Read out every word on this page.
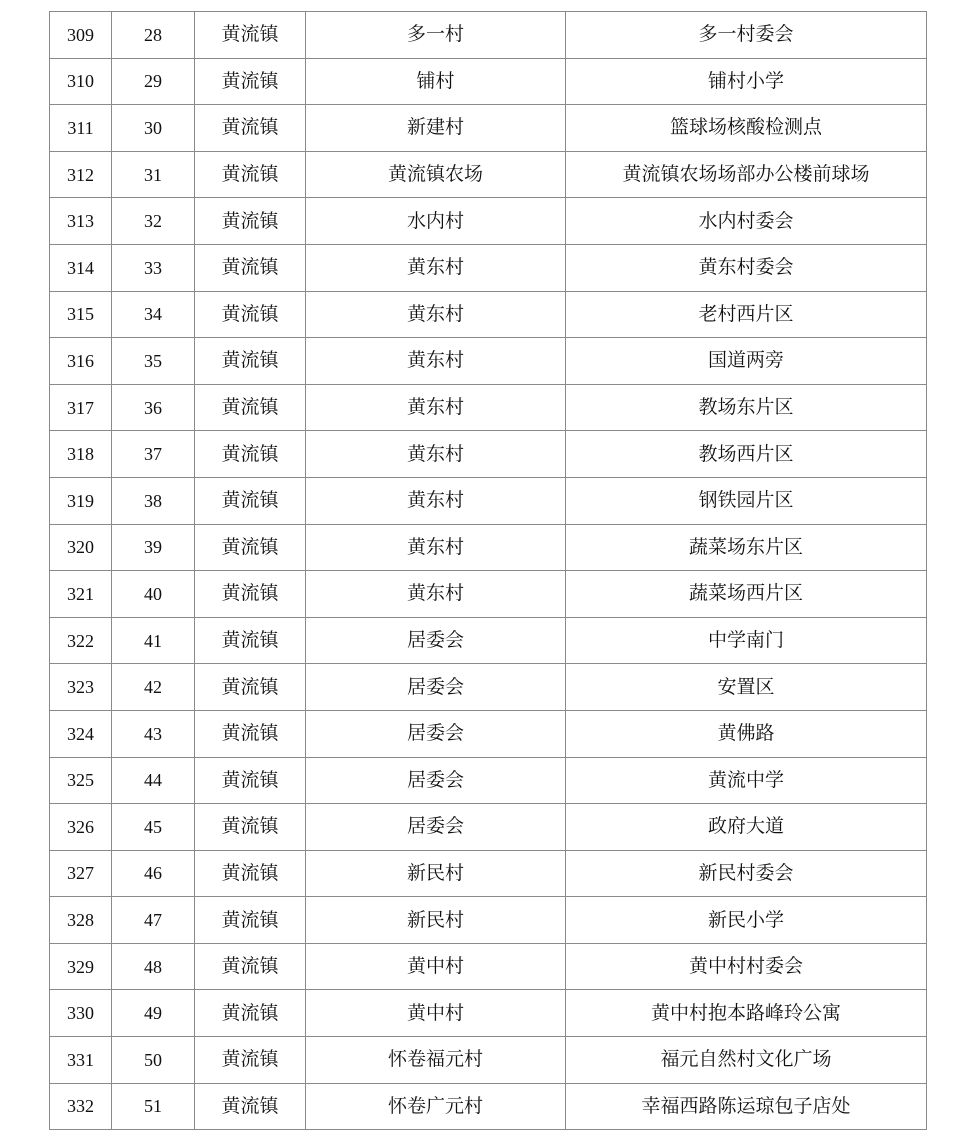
309	28	黄流镇	多一村	多一村委会
310	29	黄流镇	铺村	铺村小学
311	30	黄流镇	新建村	篮球场核酸检测点
312	31	黄流镇	黄流镇农场	黄流镇农场场部办公楼前球场
313	32	黄流镇	水内村	水内村委会
314	33	黄流镇	黄东村	黄东村委会
315	34	黄流镇	黄东村	老村西片区
316	35	黄流镇	黄东村	国道两旁
317	36	黄流镇	黄东村	教场东片区
318	37	黄流镇	黄东村	教场西片区
319	38	黄流镇	黄东村	钢铁园片区
320	39	黄流镇	黄东村	蔬菜场东片区
321	40	黄流镇	黄东村	蔬菜场西片区
322	41	黄流镇	居委会	中学南门
323	42	黄流镇	居委会	安置区
324	43	黄流镇	居委会	黄佛路
325	44	黄流镇	居委会	黄流中学
326	45	黄流镇	居委会	政府大道
327	46	黄流镇	新民村	新民村委会
328	47	黄流镇	新民村	新民小学
329	48	黄流镇	黄中村	黄中村村委会
330	49	黄流镇	黄中村	黄中村抱本路峰玲公寓
331	50	黄流镇	怀卷福元村	福元自然村文化广场
332	51	黄流镇	怀卷广元村	幸福西路陈运琼包子店处
